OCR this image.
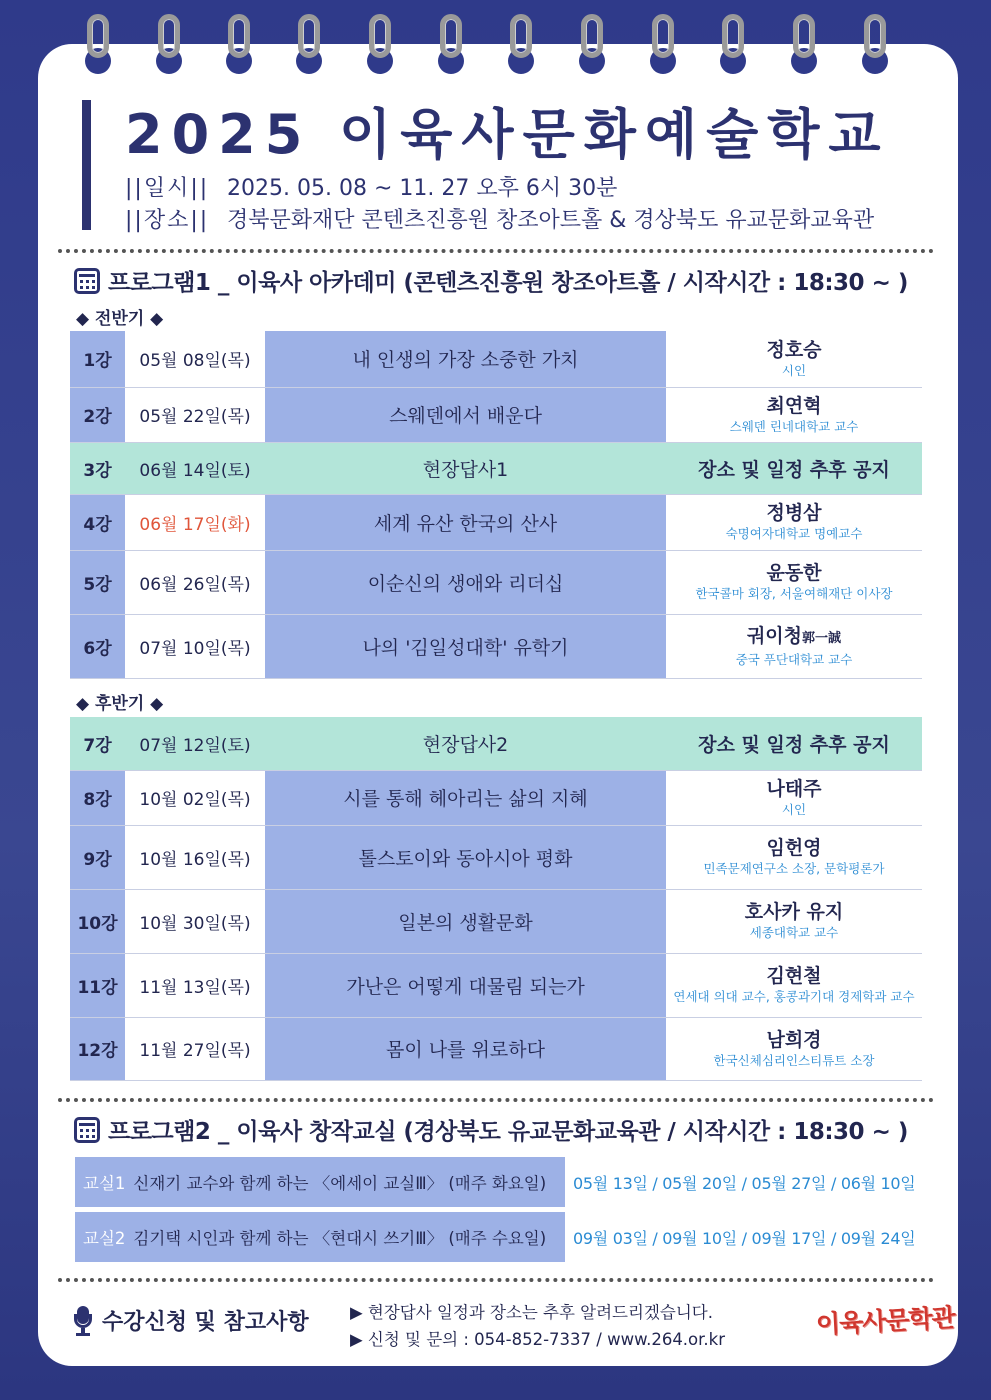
2025 이육사문화예술학교
||일시|| 2025. 05. 08 ~ 11. 27 오후 6시 30분
||장소|| 경북문화재단 콘텐츠진흥원 창조아트홀 & 경상북도 유교문화교육관
프로그램1 _ 이육사 아카데미 (콘텐츠진흥원 창조아트홀 / 시작시간 : 18:30 ~ )
◆ 전반기 ◆
1강	05월 08일(목)	내 인생의 가장 소중한 가치	정호승
시인

2강	05월 22일(목)	스웨덴에서 배운다	최연혁
스웨덴 린네대학교 교수

3강	06월 14일(토)	현장답사1	장소 및 일정 추후 공지
4강	06월 17일(화)	세계 유산 한국의 산사	정병삼
숙명여자대학교 명예교수

5강	06월 26일(목)	이순신의 생애와 리더십	윤동한
한국콜마 회장, 서울여해재단 이사장

6강	07월 10일(목)	나의 '김일성대학' 유학기	궈이청郭一誠
중국 푸단대학교 교수
◆ 후반기 ◆
7강	07월 12일(토)	현장답사2	장소 및 일정 추후 공지
8강	10월 02일(목)	시를 통해 헤아리는 삶의 지혜	나태주
시인

9강	10월 16일(목)	톨스토이와 동아시아 평화	임헌영
민족문제연구소 소장, 문학평론가

10강	10월 30일(목)	일본의 생활문화	호사카 유지
세종대학교 교수

11강	11월 13일(목)	가난은 어떻게 대물림 되는가	김현철
연세대 의대 교수, 홍콩과기대 경제학과 교수

12강	11월 27일(목)	몸이 나를 위로하다	남희경
한국신체심리인스티튜트 소장
프로그램2 _ 이육사 창작교실 (경상북도 유교문화교육관 / 시작시간 : 18:30 ~ )
교실1 신재기 교수와 함께 하는 〈에세이 교실Ⅲ〉 (매주 화요일)	05월 13일 / 05월 20일 / 05월 27일 / 06월 10일
교실2 김기택 시인과 함께 하는 〈현대시 쓰기Ⅲ〉 (매주 수요일)	09월 03일 / 09월 10일 / 09월 17일 / 09월 24일
수강신청 및 참고사항	▶ 현장답사 일정과 장소는 추후 알려드리겠습니다.
▶ 신청 및 문의 : 054-852-7337 / www.264.or.kr
이육사문학관
